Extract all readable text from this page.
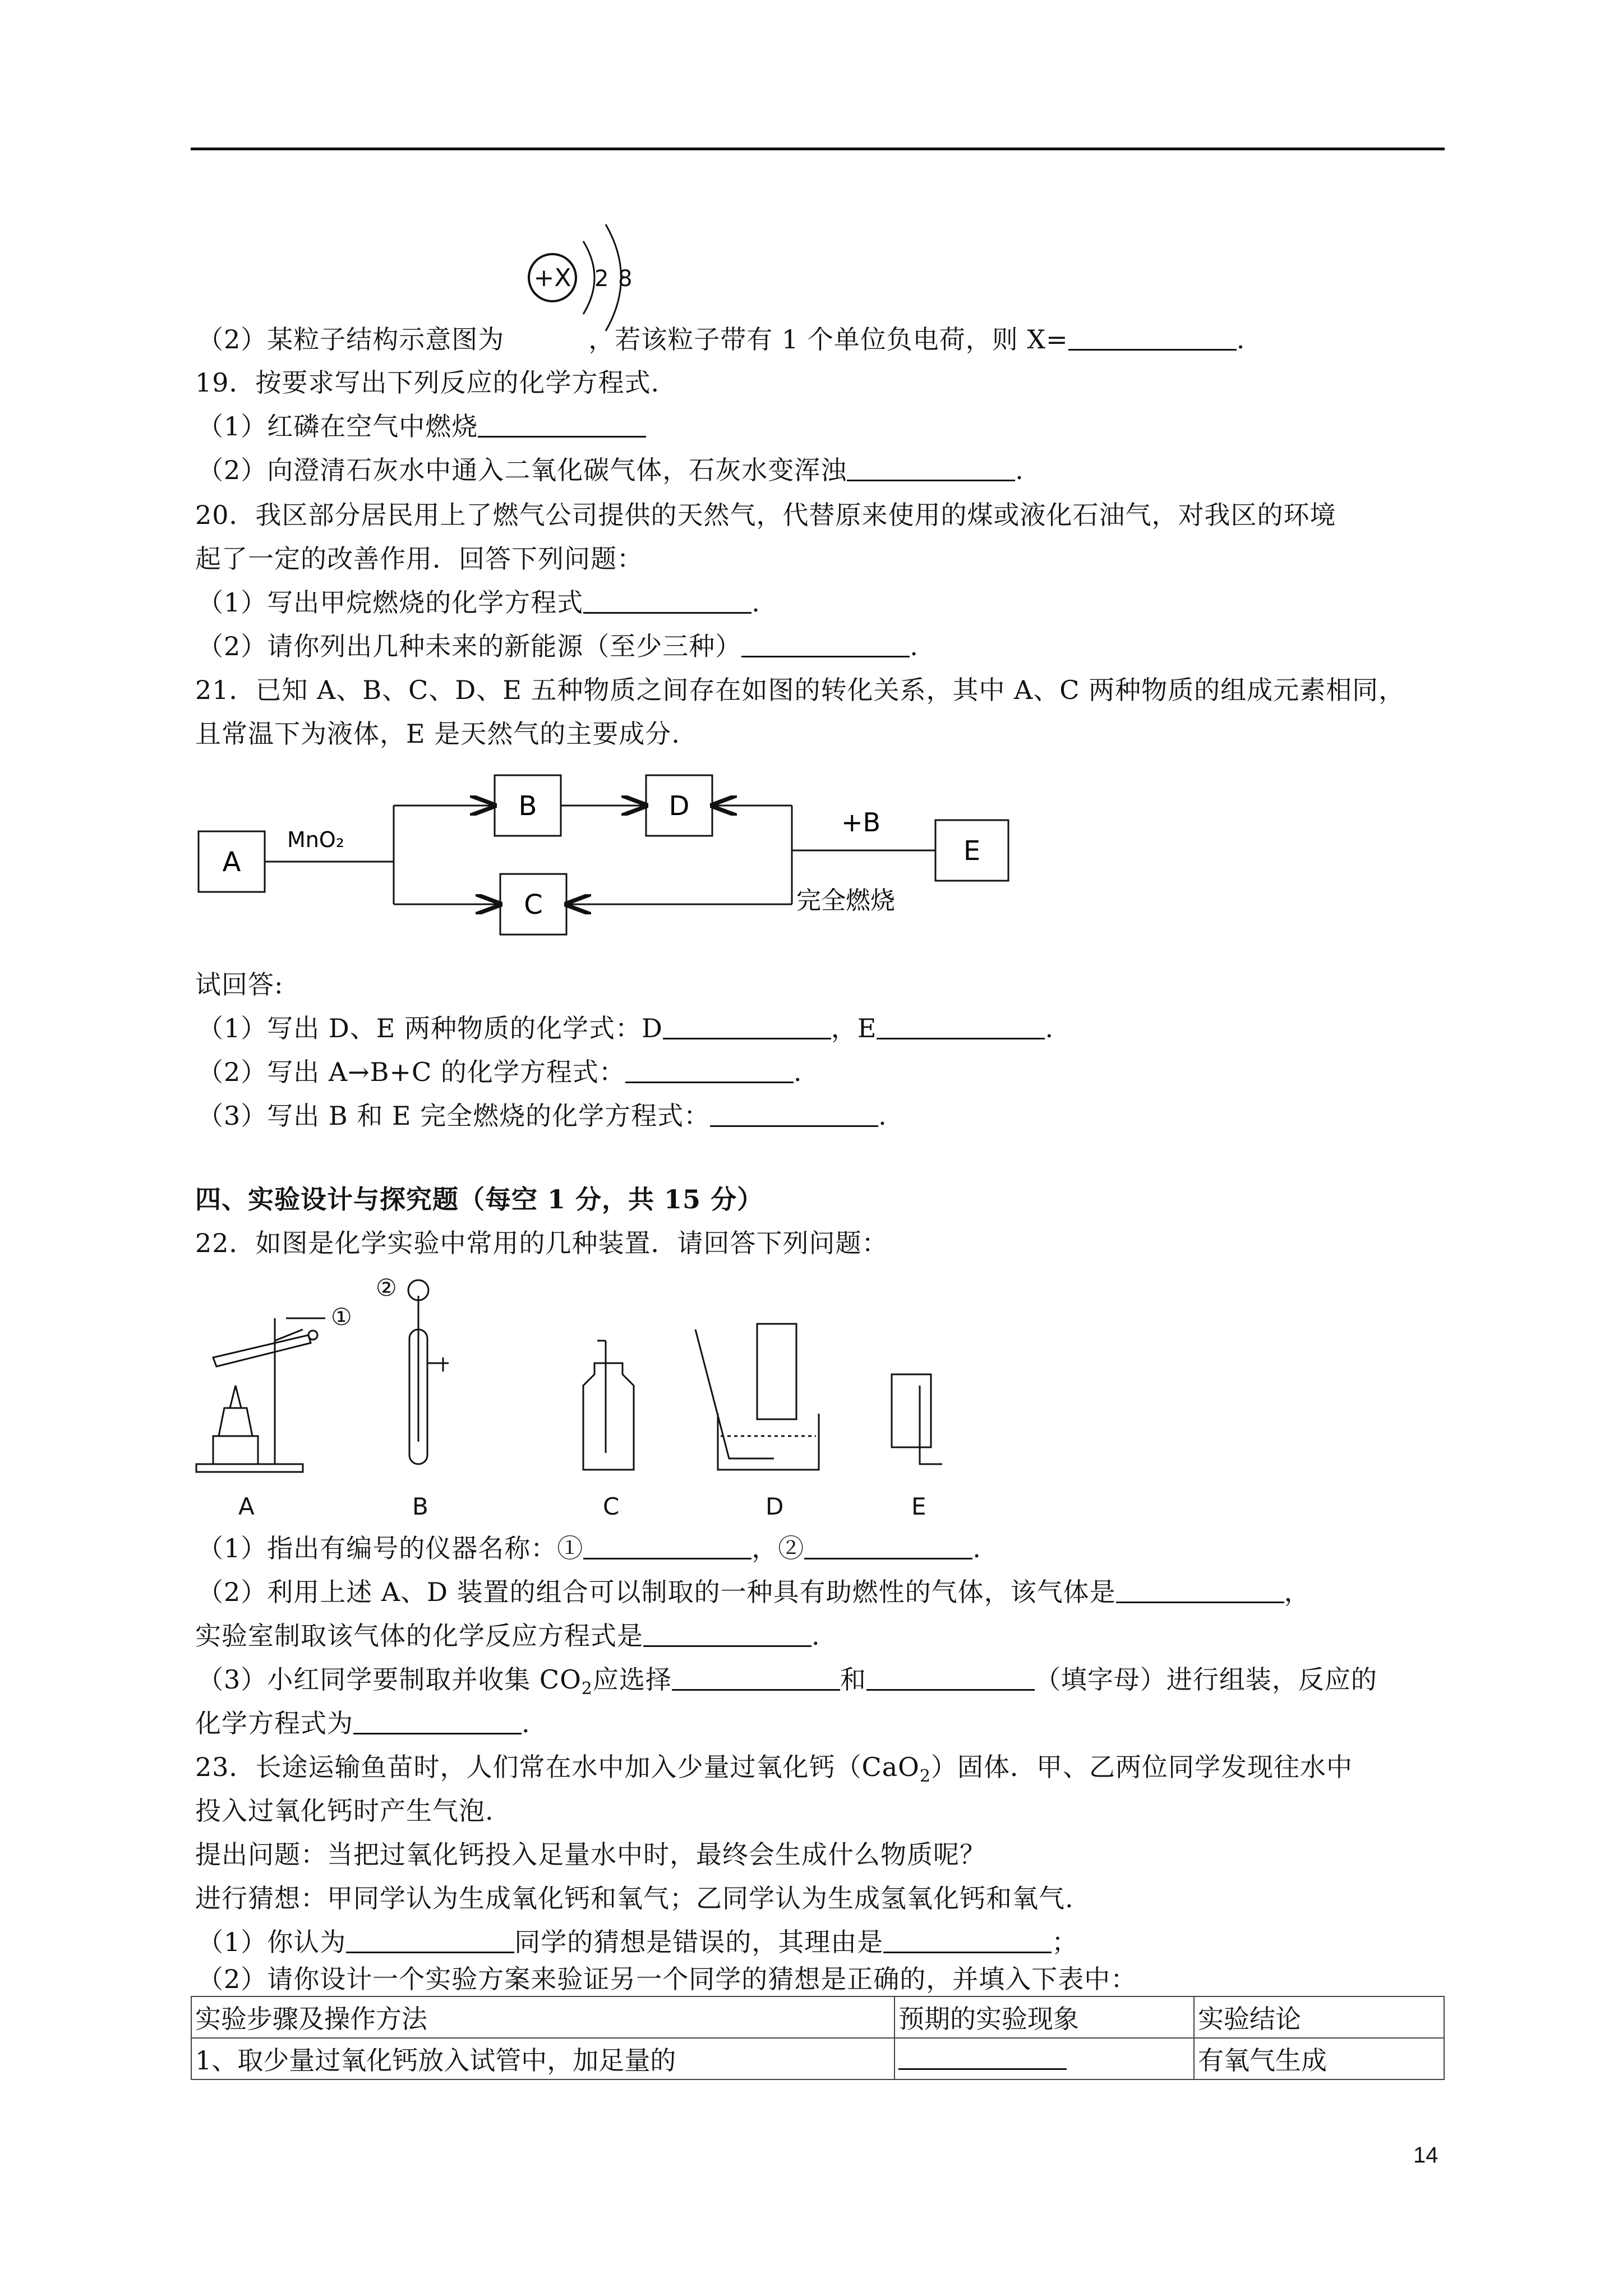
+X 2 8
（2）某粒子结构示意图为	，若该粒子带有 1 个单位负电荷，则 X=	.
19．按要求写出下列反应的化学方程式.
（1）红磷在空气中燃烧
（2）向澄清石灰水中通入二氧化碳气体，石灰水变浑浊	.
20．我区部分居民用上了燃气公司提供的天然气，代替原来使用的煤或液化石油气，对我区的环境
起了一定的改善作用．回答下列问题：
（1）写出甲烷燃烧的化学方程式	.
（2）请你列出几种未来的新能源（至少三种）	.
21．已知 A、B、C、D、E 五种物质之间存在如图的转化关系，其中 A、C 两种物质的组成元素相同，
且常温下为液体，E 是天然气的主要成分.
A
B	D
C
E
MnO₂
+B
完全燃烧
试回答:
（1）写出 D、E 两种物质的化学式：D	，E	.
（2）写出 A→B+C 的化学方程式：	.
（3）写出 B 和 E 完全燃烧的化学方程式：	.
四、实验设计与探究题（每空 1 分，共 15 分）
22．如图是化学实验中常用的几种装置．请回答下列问题：
①
②
A	B	C	D	E
（1）指出有编号的仪器名称：①	，②	.
（2）利用上述 A、D 装置的组合可以制取的一种具有助燃性的气体，该气体是	，
实验室制取该气体的化学反应方程式是	.
（3）小红同学要制取并收集 $CO_2$应选择	和	（填字母）进行组装，反应的
化学方程式为	.
23．长途运输鱼苗时，人们常在水中加入少量过氧化钙（CaO$_2$）固体．甲、乙两位同学发现往水中
投入过氧化钙时产生气泡.
提出问题：当把过氧化钙投入足量水中时，最终会生成什么物质呢？
进行猜想：甲同学认为生成氧化钙和氧气；乙同学认为生成氢氧化钙和氧气.
（1）你认为	同学的猜想是错误的，其理由是	；
（2）请你设计一个实验方案来验证另一个同学的猜想是正确的，并填入下表中：
实验步骤及操作方法	预期的实验现象	实验结论
1、取少量过氧化钙放入试管中，加足量的		有氧气生成
14
